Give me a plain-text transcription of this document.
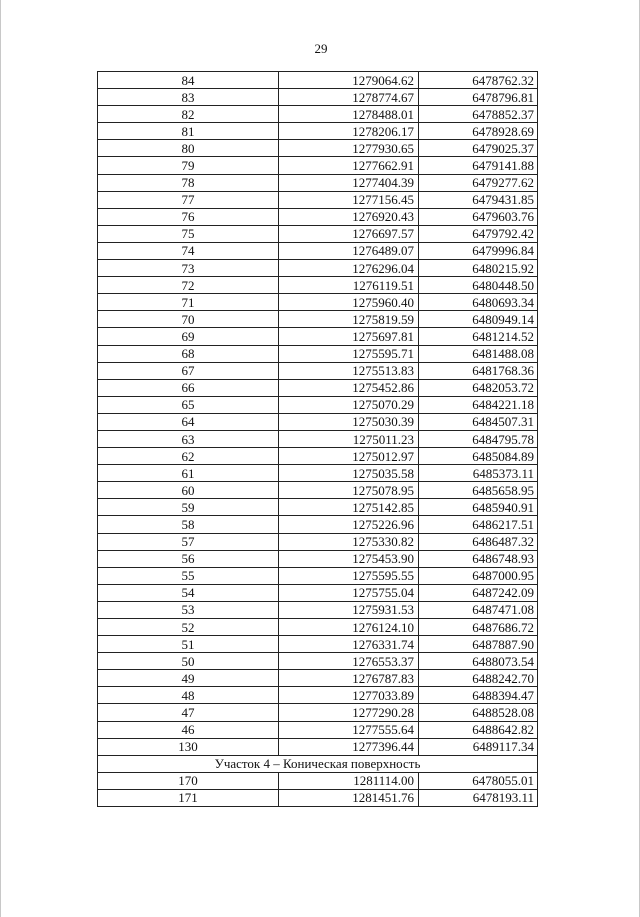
29
84	1279064.62	6478762.32
83	1278774.67	6478796.81
82	1278488.01	6478852.37
81	1278206.17	6478928.69
80	1277930.65	6479025.37
79	1277662.91	6479141.88
78	1277404.39	6479277.62
77	1277156.45	6479431.85
76	1276920.43	6479603.76
75	1276697.57	6479792.42
74	1276489.07	6479996.84
73	1276296.04	6480215.92
72	1276119.51	6480448.50
71	1275960.40	6480693.34
70	1275819.59	6480949.14
69	1275697.81	6481214.52
68	1275595.71	6481488.08
67	1275513.83	6481768.36
66	1275452.86	6482053.72
65	1275070.29	6484221.18
64	1275030.39	6484507.31
63	1275011.23	6484795.78
62	1275012.97	6485084.89
61	1275035.58	6485373.11
60	1275078.95	6485658.95
59	1275142.85	6485940.91
58	1275226.96	6486217.51
57	1275330.82	6486487.32
56	1275453.90	6486748.93
55	1275595.55	6487000.95
54	1275755.04	6487242.09
53	1275931.53	6487471.08
52	1276124.10	6487686.72
51	1276331.74	6487887.90
50	1276553.37	6488073.54
49	1276787.83	6488242.70
48	1277033.89	6488394.47
47	1277290.28	6488528.08
46	1277555.64	6488642.82
130	1277396.44	6489117.34
Участок 4 – Коническая поверхность		
170	1281114.00	6478055.01
171	1281451.76	6478193.11
